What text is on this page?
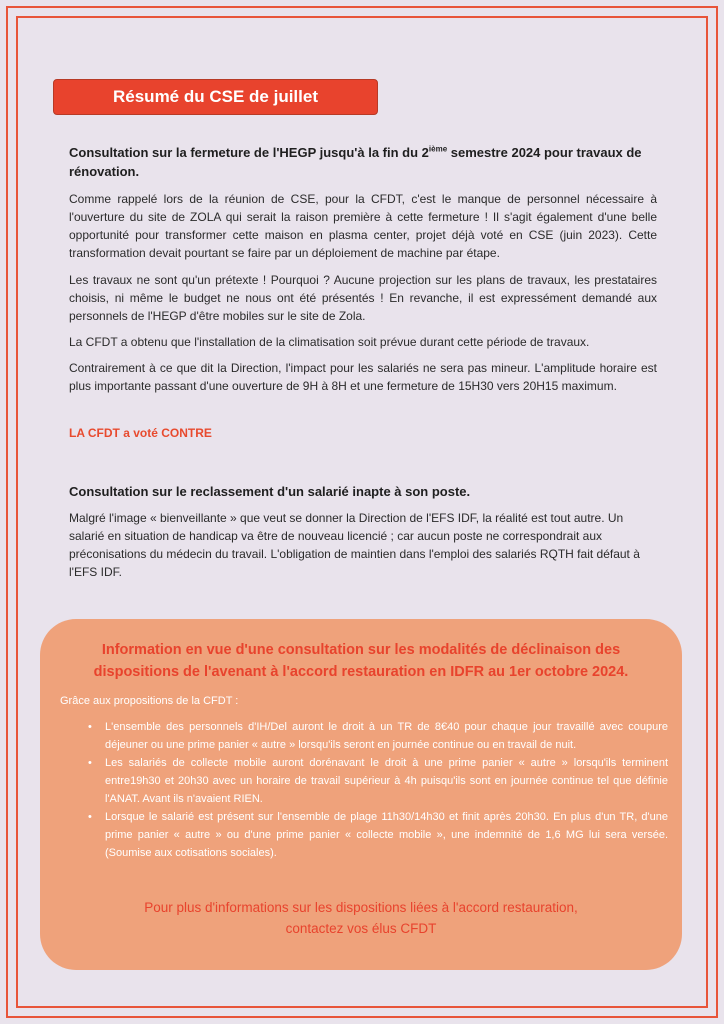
Résumé du CSE de juillet
Consultation sur la fermeture de l'HEGP jusqu'à la fin du 2ième semestre 2024 pour travaux de rénovation.

Comme rappelé lors de la réunion de CSE, pour la CFDT, c'est le manque de personnel nécessaire à l'ouverture du site de ZOLA qui serait la raison première à cette fermeture ! Il s'agit également d'une belle opportunité pour transformer cette maison en plasma center, projet déjà voté en CSE (juin 2023). Cette transformation devait pourtant se faire par un déploiement de machine par étape.

Les travaux ne sont qu'un prétexte ! Pourquoi ? Aucune projection sur les plans de travaux, les prestataires choisis, ni même le budget ne nous ont été présentés ! En revanche, il est expressément demandé aux personnels de l'HEGP d'être mobiles sur le site de Zola.

La CFDT a obtenu que l'installation de la climatisation soit prévue durant cette période de travaux.

Contrairement à ce que dit la Direction, l'impact pour les salariés ne sera pas mineur. L'amplitude horaire est plus importante passant d'une ouverture de 9H à 8H et une fermeture de 15H30 vers 20H15 maximum.

LA CFDT a voté CONTRE
Consultation sur le reclassement d'un salarié inapte à son poste.

Malgré l'image « bienveillante » que veut se donner la Direction de l'EFS IDF, la réalité est tout autre. Un salarié en situation de handicap va être de nouveau licencié ; car aucun poste ne correspondrait aux préconisations du médecin du travail. L'obligation de maintien dans l'emploi des salariés RQTH fait défaut à l'EFS IDF.

Information en vue d'une consultation sur les modalités de déclinaison des
dispositions de l'avenant à l'accord restauration en IDFR au 1er octobre 2024.
Grâce aux propositions de la CFDT :
• L'ensemble des personnels d'IH/Del auront le droit à un TR de 8€40 pour chaque jour travaillé avec coupure déjeuner ou une prime panier « autre » lorsqu'ils seront en journée continue ou en travail de nuit.
• Les salariés de collecte mobile auront dorénavant le droit à une prime panier « autre » lorsqu'ils terminent entre19h30 et 20h30 avec un horaire de travail supérieur à 4h puisqu'ils sont en journée continue tel que définie l'ANAT. Avant ils n'avaient RIEN.
• Lorsque le salarié est présent sur l'ensemble de plage 11h30/14h30 et finit après 20h30. En plus d'un TR, d'une prime panier « autre » ou d'une prime panier « collecte mobile », une indemnité de 1,6 MG lui sera versée. (Soumise aux cotisations sociales).
Pour plus d'informations sur les dispositions liées à l'accord restauration,
contactez vos élus CFDT
